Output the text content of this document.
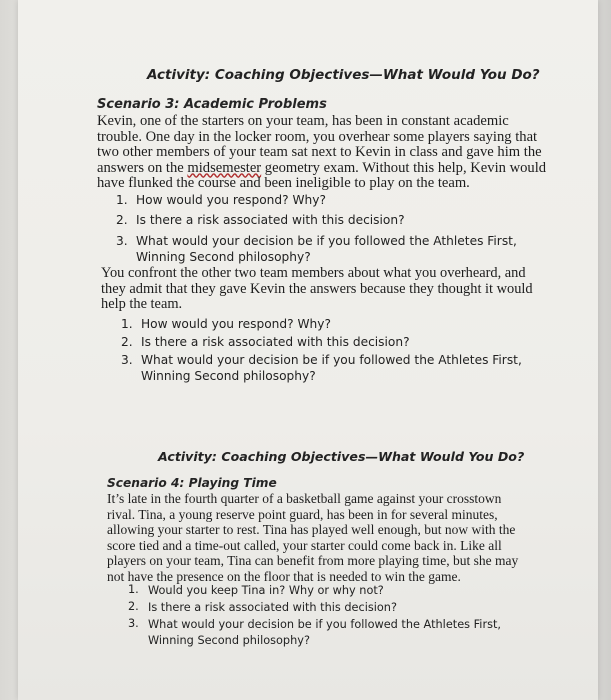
Activity: Coaching Objectives—What Would You Do?
Scenario 3: Academic Problems
Kevin, one of the starters on your team, has been in constant academic
trouble. One day in the locker room, you overhear some players saying that
two other members of your team sat next to Kevin in class and gave him the
answers on the midsemester geometry exam. Without this help, Kevin would
have flunked the course and been ineligible to play on the team.
1. How would you respond? Why?
2. Is there a risk associated with this decision?
3. What would your decision be if you followed the Athletes First,
Winning Second philosophy?
You confront the other two team members about what you overheard, and
they admit that they gave Kevin the answers because they thought it would
help the team.
1. How would you respond? Why?
2. Is there a risk associated with this decision?
3. What would your decision be if you followed the Athletes First,
Winning Second philosophy?
Activity: Coaching Objectives—What Would You Do?
Scenario 4: Playing Time
It’s late in the fourth quarter of a basketball game against your crosstown
rival. Tina, a young reserve point guard, has been in for several minutes,
allowing your starter to rest. Tina has played well enough, but now with the
score tied and a time-out called, your starter could come back in. Like all
players on your team, Tina can benefit from more playing time, but she may
not have the presence on the floor that is needed to win the game.
1. Would you keep Tina in? Why or why not?
2. Is there a risk associated with this decision?
3. What would your decision be if you followed the Athletes First,
Winning Second philosophy?
